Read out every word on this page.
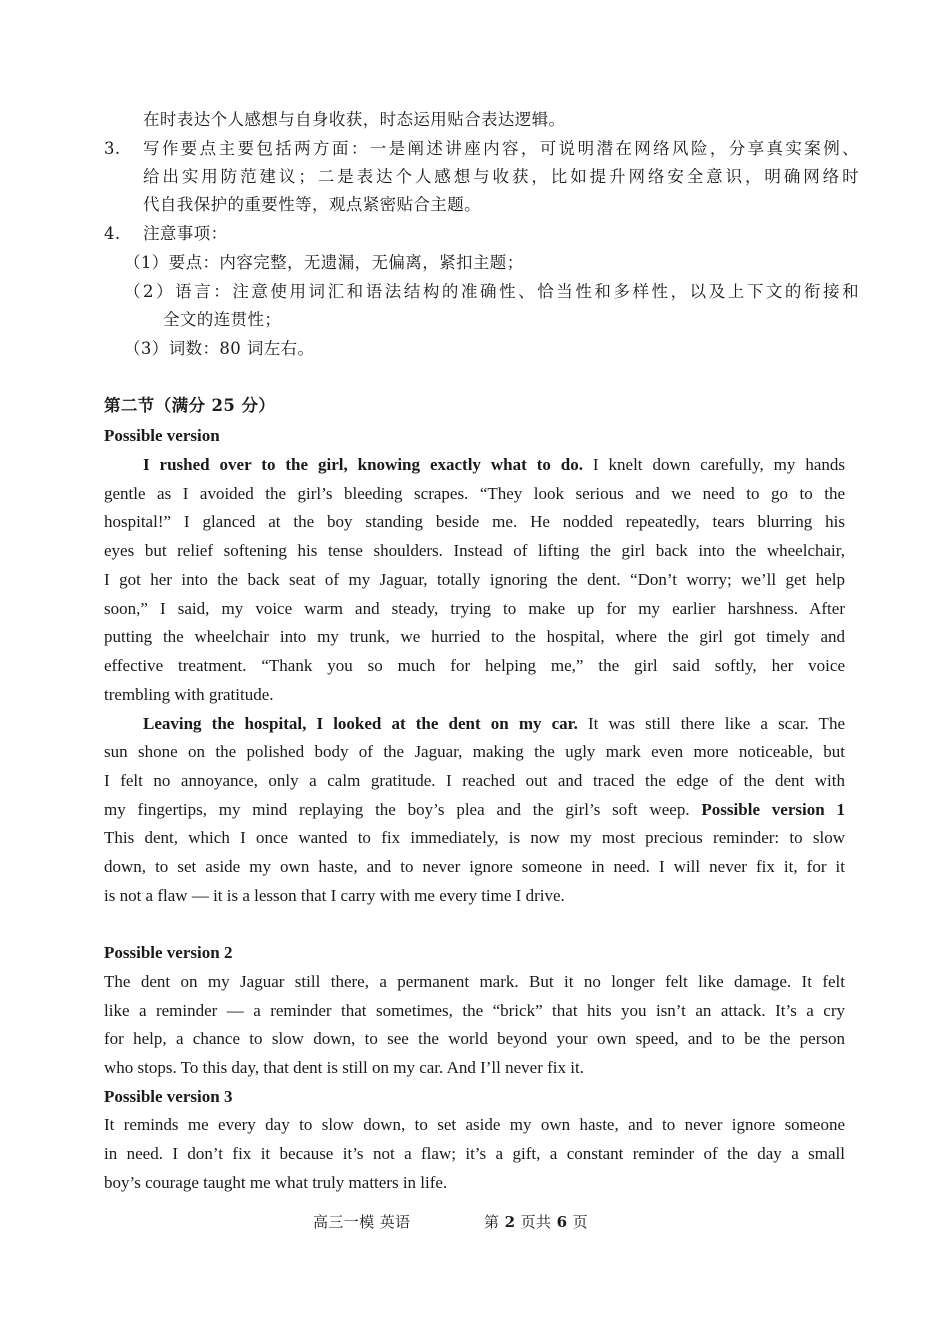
在时表达个人感想与自身收获，时态运用贴合表达逻辑。
3. 写作要点主要包括两方面：一是阐述讲座内容，可说明潜在网络风险，分享真实案例、
给出实用防范建议；二是表达个人感想与收获，比如提升网络安全意识，明确网络时
代自我保护的重要性等，观点紧密贴合主题。
4. 注意事项：
（1）要点：内容完整，无遗漏，无偏离，紧扣主题；
（2）语言：注意使用词汇和语法结构的准确性、恰当性和多样性，以及上下文的衔接和
全文的连贯性；
（3）词数：80 词左右。
第二节（满分 25 分）
Possible version
I rushed over to the girl, knowing exactly what to do. I knelt down carefully, my hands
gentle as I avoided the girl’s bleeding scrapes. “They look serious and we need to go to the
hospital!” I glanced at the boy standing beside me. He nodded repeatedly, tears blurring his
eyes but relief softening his tense shoulders. Instead of lifting the girl back into the wheelchair,
I got her into the back seat of my Jaguar, totally ignoring the dent. “Don’t worry; we’ll get help
soon,” I said, my voice warm and steady, trying to make up for my earlier harshness. After
putting the wheelchair into my trunk, we hurried to the hospital, where the girl got timely and
effective treatment. “Thank you so much for helping me,” the girl said softly, her voice
trembling with gratitude.
Leaving the hospital, I looked at the dent on my car. It was still there like a scar. The
sun shone on the polished body of the Jaguar, making the ugly mark even more noticeable, but
I felt no annoyance, only a calm gratitude. I reached out and traced the edge of the dent with
my fingertips, my mind replaying the boy’s plea and the girl’s soft weep. Possible version 1
This dent, which I once wanted to fix immediately, is now my most precious reminder: to slow
down, to set aside my own haste, and to never ignore someone in need. I will never fix it, for it
is not a flaw — it is a lesson that I carry with me every time I drive.
Possible version 2
The dent on my Jaguar still there, a permanent mark. But it no longer felt like damage. It felt
like a reminder — a reminder that sometimes, the “brick” that hits you isn’t an attack. It’s a cry
for help, a chance to slow down, to see the world beyond your own speed, and to be the person
who stops. To this day, that dent is still on my car. And I’ll never fix it.
Possible version 3
It reminds me every day to slow down, to set aside my own haste, and to never ignore someone
in need. I don’t fix it because it’s not a flaw; it’s a gift, a constant reminder of the day a small
boy’s courage taught me what truly matters in life.
高三一模 英语	第 2 页共 6 页
